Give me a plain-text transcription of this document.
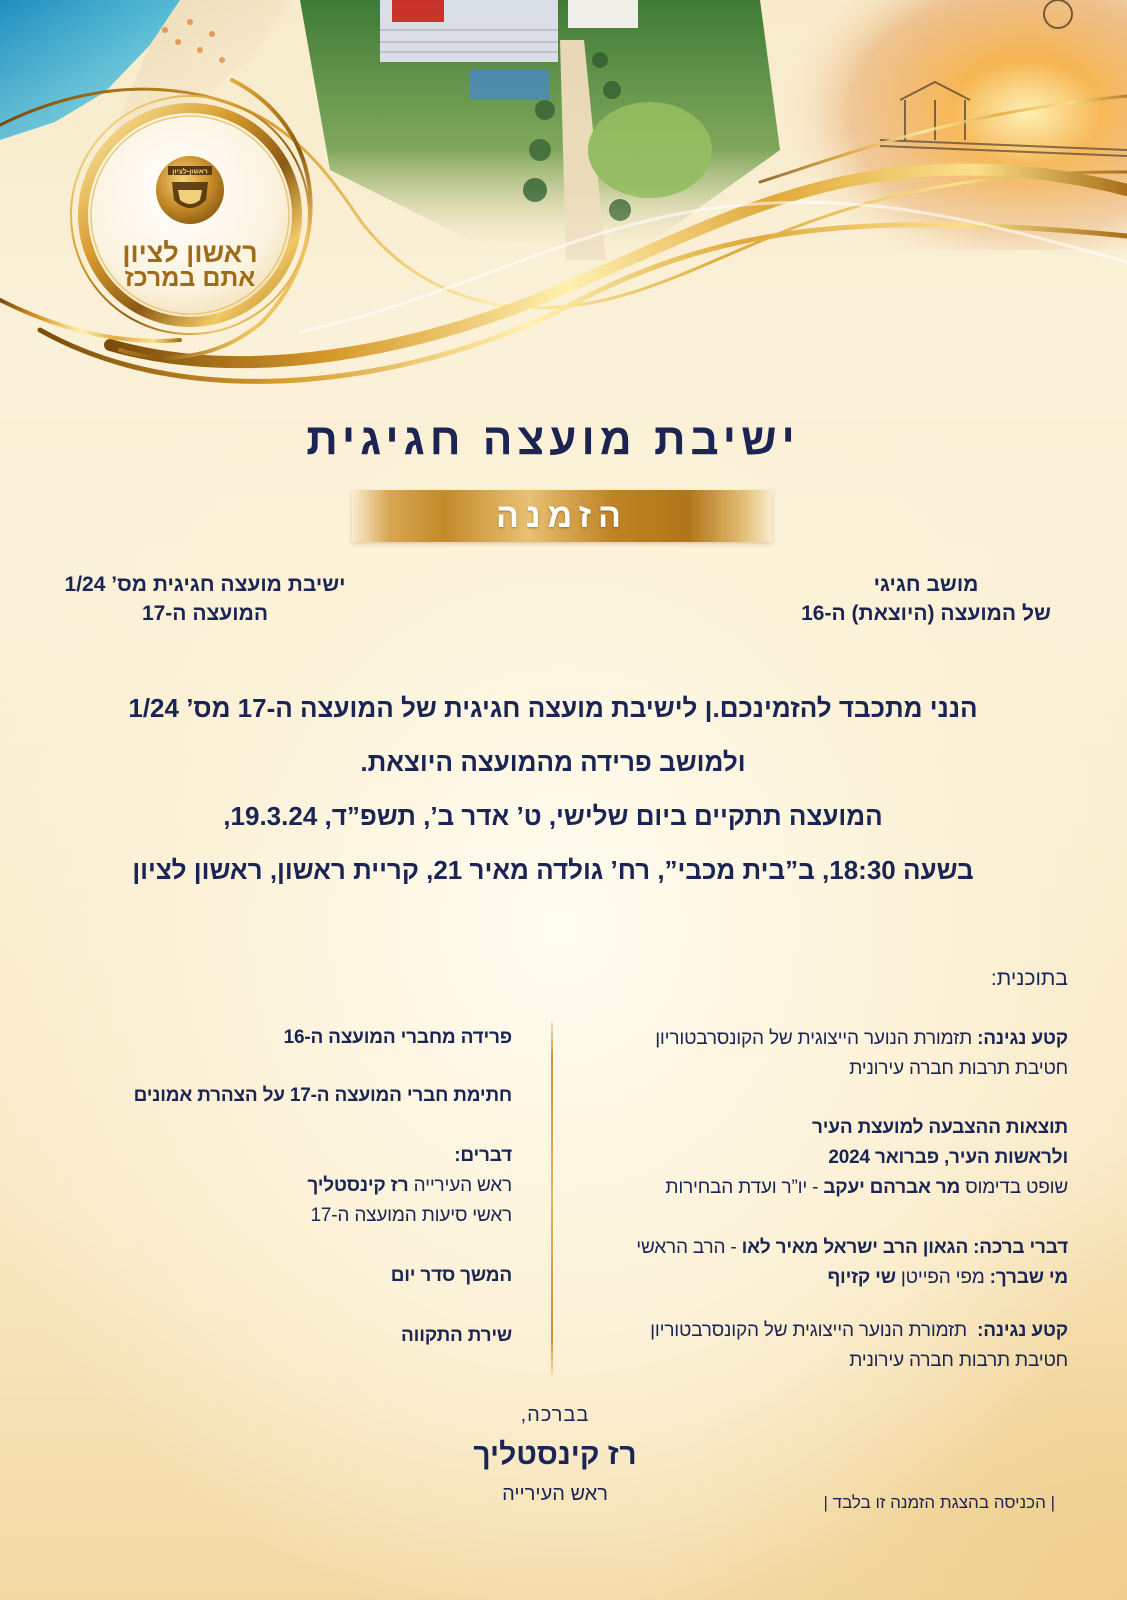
ראשון-לציון
ראשון לציון
אתם במרכז
ישיבת מועצה חגיגית
הזמנה
ישיבת מועצה חגיגית מס’ 1/24
המועצה ה-17
מושב חגיגי
של המועצה (היוצאת) ה-16
הנני מתכבד להזמינכם.ן לישיבת מועצה חגיגית של המועצה ה-17 מס’ 1/24
ולמושב פרידה מהמועצה היוצאת.
המועצה תתקיים ביום שלישי, ט’ אדר ב’, תשפ”ד, 19.3.24,
בשעה 18:30, ב”בית מכבי”, רח’ גולדה מאיר 21, קריית ראשון, ראשון לציון
בתוכנית:
קטע נגינה: תזמורת הנוער הייצוגית של הקונסרבטוריון
חטיבת תרבות חברה עירונית
תוצאות ההצבעה למועצת העיר
ולראשות העיר, פברואר 2024
שופט בדימוס מר אברהם יעקב - יו”ר ועדת הבחירות
דברי ברכה: הגאון הרב ישראל מאיר לאו - הרב הראשי
מי שברך: מפי הפייטן שי קזיוף
קטע נגינה:  תזמורת הנוער הייצוגית של הקונסרבטוריון
חטיבת תרבות חברה עירונית
פרידה מחברי המועצה ה-16
חתימת חברי המועצה ה-17 על הצהרת אמונים
דברים:
ראש העירייה רז קינסטליך
ראשי סיעות המועצה ה-17
המשך סדר יום
שירת התקווה
בברכה,
רז קינסטליך
ראש העירייה	| הכניסה בהצגת הזמנה זו בלבד |
